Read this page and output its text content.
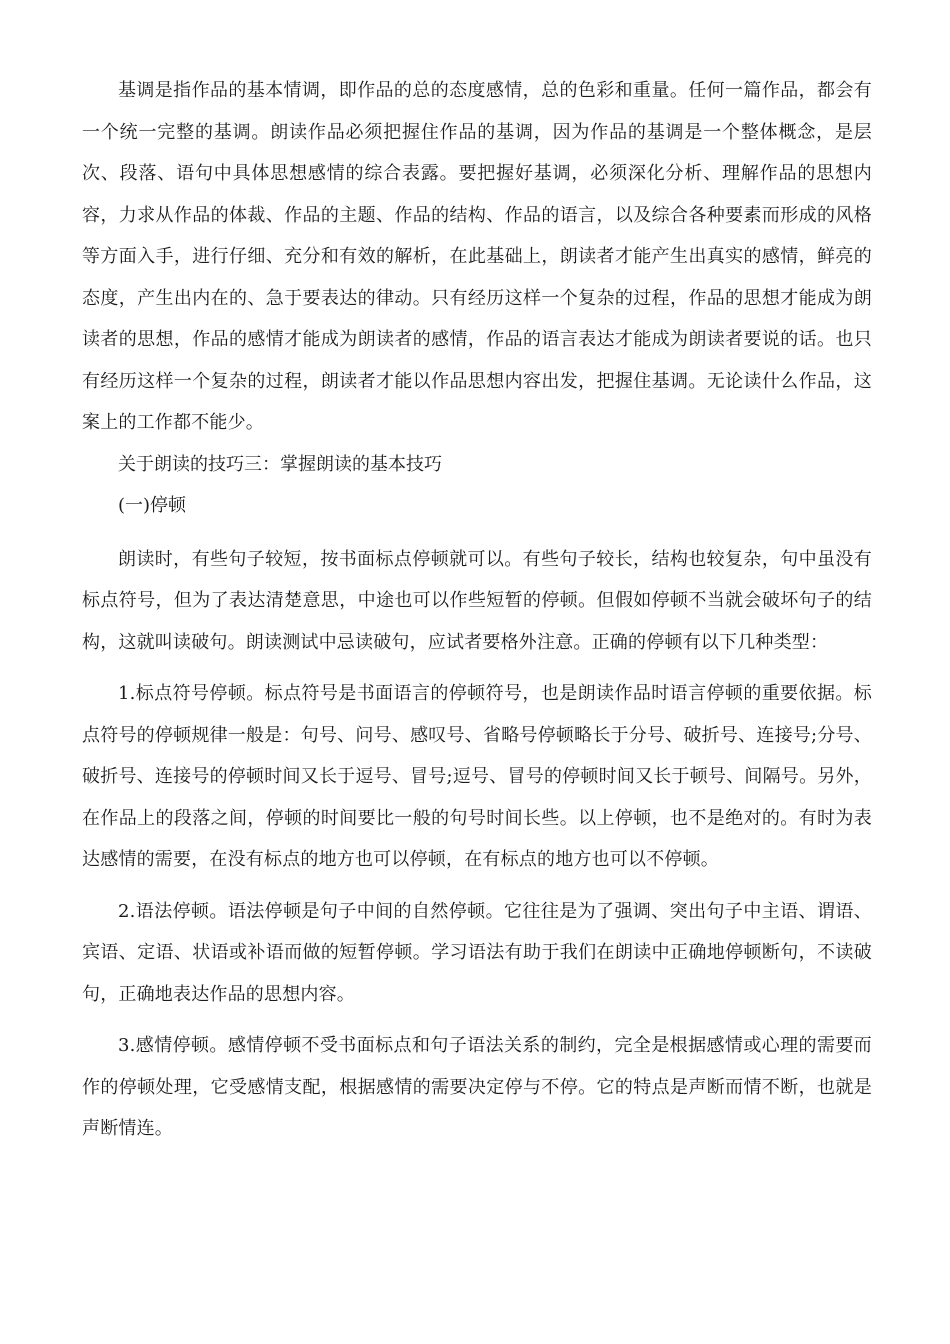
基调是指作品的基本情调，即作品的总的态度感情，总的色彩和重量。任何一篇作品，都会有一个统一完整的基调。朗读作品必须把握住作品的基调，因为作品的基调是一个整体概念，是层次、段落、语句中具体思想感情的综合表露。要把握好基调，必须深化分析、理解作品的思想内容，力求从作品的体裁、作品的主题、作品的结构、作品的语言，以及综合各种要素而形成的风格等方面入手，进行仔细、充分和有效的解析，在此基础上，朗读者才能产生出真实的感情，鲜亮的态度，产生出内在的、急于要表达的律动。只有经历这样一个复杂的过程，作品的思想才能成为朗读者的思想，作品的感情才能成为朗读者的感情，作品的语言表达才能成为朗读者要说的话。也只有经历这样一个复杂的过程，朗读者才能以作品思想内容出发，把握住基调。无论读什么作品，这案上的工作都不能少。

关于朗读的技巧三：掌握朗读的基本技巧

(一)停顿

朗读时，有些句子较短，按书面标点停顿就可以。有些句子较长，结构也较复杂，句中虽没有标点符号，但为了表达清楚意思，中途也可以作些短暂的停顿。但假如停顿不当就会破坏句子的结构，这就叫读破句。朗读测试中忌读破句，应试者要格外注意。正确的停顿有以下几种类型：

1.标点符号停顿。标点符号是书面语言的停顿符号，也是朗读作品时语言停顿的重要依据。标点符号的停顿规律一般是：句号、问号、感叹号、省略号停顿略长于分号、破折号、连接号;分号、破折号、连接号的停顿时间又长于逗号、冒号;逗号、冒号的停顿时间又长于顿号、间隔号。另外，在作品上的段落之间，停顿的时间要比一般的句号时间长些。以上停顿，也不是绝对的。有时为表达感情的需要，在没有标点的地方也可以停顿，在有标点的地方也可以不停顿。

2.语法停顿。语法停顿是句子中间的自然停顿。它往往是为了强调、突出句子中主语、谓语、宾语、定语、状语或补语而做的短暂停顿。学习语法有助于我们在朗读中正确地停顿断句，不读破句，正确地表达作品的思想内容。

3.感情停顿。感情停顿不受书面标点和句子语法关系的制约，完全是根据感情或心理的需要而作的停顿处理，它受感情支配，根据感情的需要决定停与不停。它的特点是声断而情不断，也就是声断情连。
